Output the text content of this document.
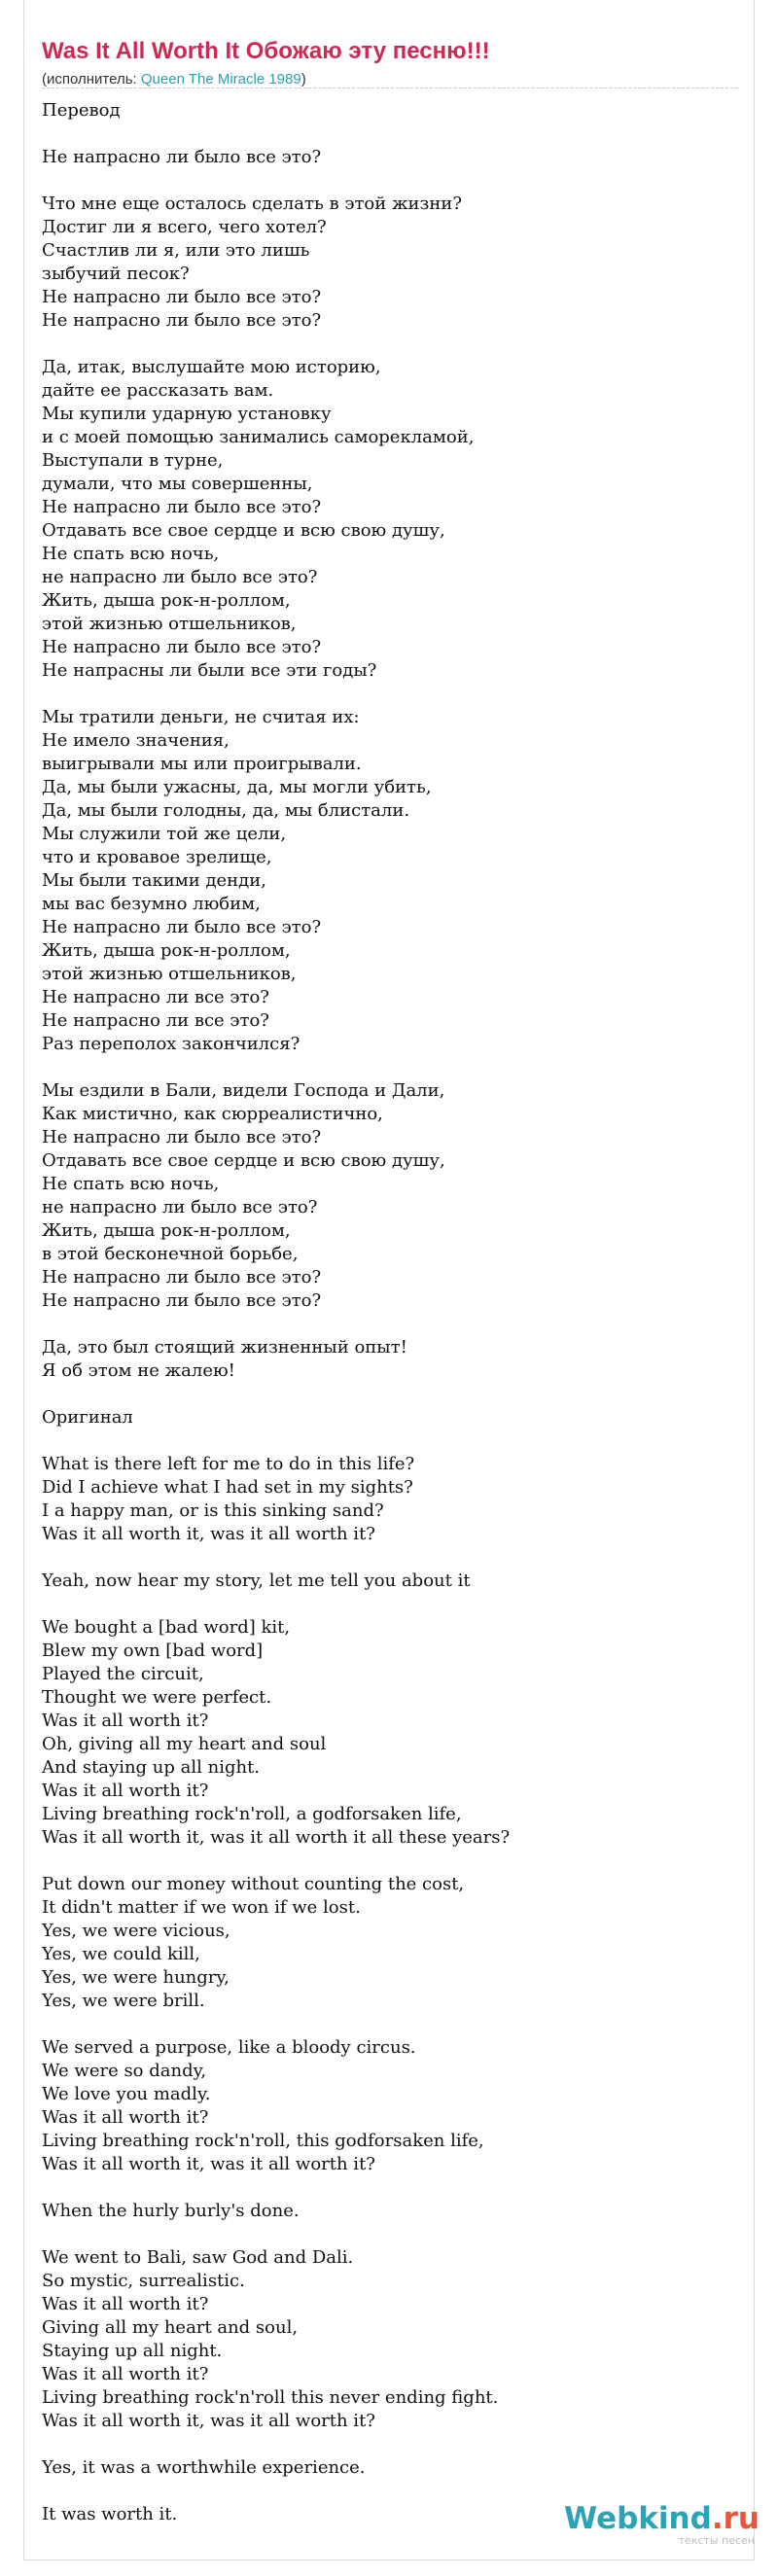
Was It All Worth It Обожаю эту песню!!!
(исполнитель: Queen The Miracle 1989)
Перевод
Не напрасно ли было все это?
Что мне еще осталось сделать в этой жизни?
Достиг ли я всего, чего хотел?
Счастлив ли я, или это лишь
зыбучий песок?
Не напрасно ли было все это?
Не напрасно ли было все это?
Да, итак, выслушайте мою историю,
дайте ее рассказать вам.
Мы купили ударную установку
и с моей помощью занимались саморекламой,
Выступали в турне,
думали, что мы совершенны,
Не напрасно ли было все это?
Отдавать все свое сердце и всю свою душу,
Не спать всю ночь,
не напрасно ли было все это?
Жить, дыша рок-н-роллом,
этой жизнью отшельников,
Не напрасно ли было все это?
Не напрасны ли были все эти годы?
Мы тратили деньги, не считая их:
Не имело значения,
выигрывали мы или проигрывали.
Да, мы были ужасны, да, мы могли убить,
Да, мы были голодны, да, мы блистали.
Мы служили той же цели,
что и кровавое зрелище,
Мы были такими денди,
мы вас безумно любим,
Не напрасно ли было все это?
Жить, дыша рок-н-роллом,
этой жизнью отшельников,
Не напрасно ли все это?
Не напрасно ли все это?
Раз переполох закончился?
Мы ездили в Бали, видели Господа и Дали,
Как мистично, как сюрреалистично,
Не напрасно ли было все это?
Отдавать все свое сердце и всю свою душу,
Не спать всю ночь,
не напрасно ли было все это?
Жить, дыша рок-н-роллом,
в этой бесконечной борьбе,
Не напрасно ли было все это?
Не напрасно ли было все это?
Да, это был стоящий жизненный опыт!
Я об этом не жалею!
Оригинал
What is there left for me to do in this life?
Did I achieve what I had set in my sights?
I a happy man, or is this sinking sand?
Was it all worth it, was it all worth it?
Yeah, now hear my story, let me tell you about it
We bought a [bad word] kit,
Blew my own [bad word]
Played the circuit,
Thought we were perfect.
Was it all worth it?
Oh, giving all my heart and soul
And staying up all night.
Was it all worth it?
Living breathing rock'n'roll, a godforsaken life,
Was it all worth it, was it all worth it all these years?
Put down our money without counting the cost,
It didn't matter if we won if we lost.
Yes, we were vicious,
Yes, we could kill,
Yes, we were hungry,
Yes, we were brill.
We served a purpose, like a bloody circus.
We were so dandy,
We love you madly.
Was it all worth it?
Living breathing rock'n'roll, this godforsaken life,
Was it all worth it, was it all worth it?
When the hurly burly's done.
We went to Bali, saw God and Dali.
So mystic, surrealistic.
Was it all worth it?
Giving all my heart and soul,
Staying up all night.
Was it all worth it?
Living breathing rock'n'roll this never ending fight.
Was it all worth it, was it all worth it?
Yes, it was a worthwhile experience.
It was worth it.	Webkind.ru
тексты песен
